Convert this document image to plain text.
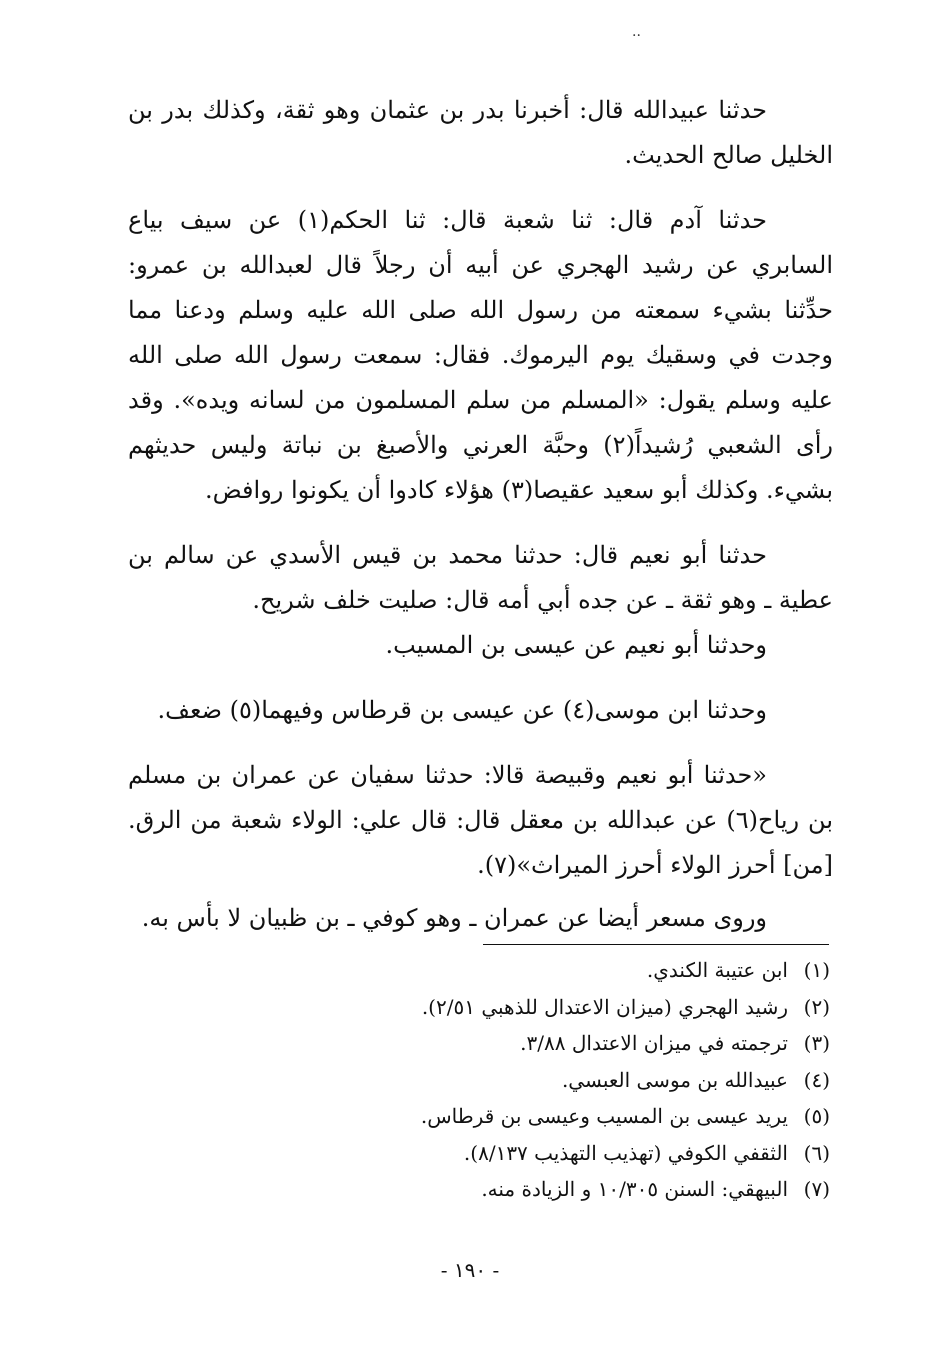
..

حدثنا عبيدالله قال: أخبرنا بدر بن عثمان وهو ثقة، وكذلك بدر بن الخليل صالح الحديث.

حدثنا آدم قال: ثنا شعبة قال: ثنا الحكم(١) عن سيف بياع السابري عن رشيد الهجري عن أبيه أن رجلاً قال لعبدالله بن عمرو: حدِّثنا بشيء سمعته من رسول الله صلى الله عليه وسلم ودعنا مما وجدت في وسقيك يوم اليرموك. فقال: سمعت رسول الله صلى الله عليه وسلم يقول: «المسلم من سلم المسلمون من لسانه ويده». وقد رأى الشعبي رُشيداً(٢) وحبَّة العرني والأصبغ بن نباتة وليس حديثهم بشيء. وكذلك أبو سعيد عقيصا(٣) هؤلاء كادوا أن يكونوا روافض.

حدثنا أبو نعيم قال: حدثنا محمد بن قيس الأسدي عن سالم بن عطية ـ وهو ثقة ـ عن جده أبي أمه قال: صليت خلف شريح.

وحدثنا أبو نعيم عن عيسى بن المسيب.

وحدثنا ابن موسى(٤) عن عيسى بن قرطاس وفيهما(٥) ضعف.

«حدثنا أبو نعيم وقبيصة قالا: حدثنا سفيان عن عمران بن مسلم بن رياح(٦) عن عبدالله بن معقل قال: قال علي: الولاء شعبة من الرق. [من] أحرز الولاء أحرز الميراث»(٧).

وروى مسعر أيضا عن عمران ـ وهو كوفي ـ بن ظبيان لا بأس به.

(١)ابن عتيبة الكندي.
(٢)رشيد الهجري (ميزان الاعتدال للذهبي ٢/٥١).
(٣)ترجمته في ميزان الاعتدال ٣/٨٨.
(٤)عبيدالله بن موسى العبسي.
(٥)يريد عيسى بن المسيب وعيسى بن قرطاس.
(٦)الثقفي الكوفي (تهذيب التهذيب ٨/١٣٧).
(٧)البيهقي: السنن ١٠/٣٠٥ و الزيادة منه.
- ١٩٠ -
